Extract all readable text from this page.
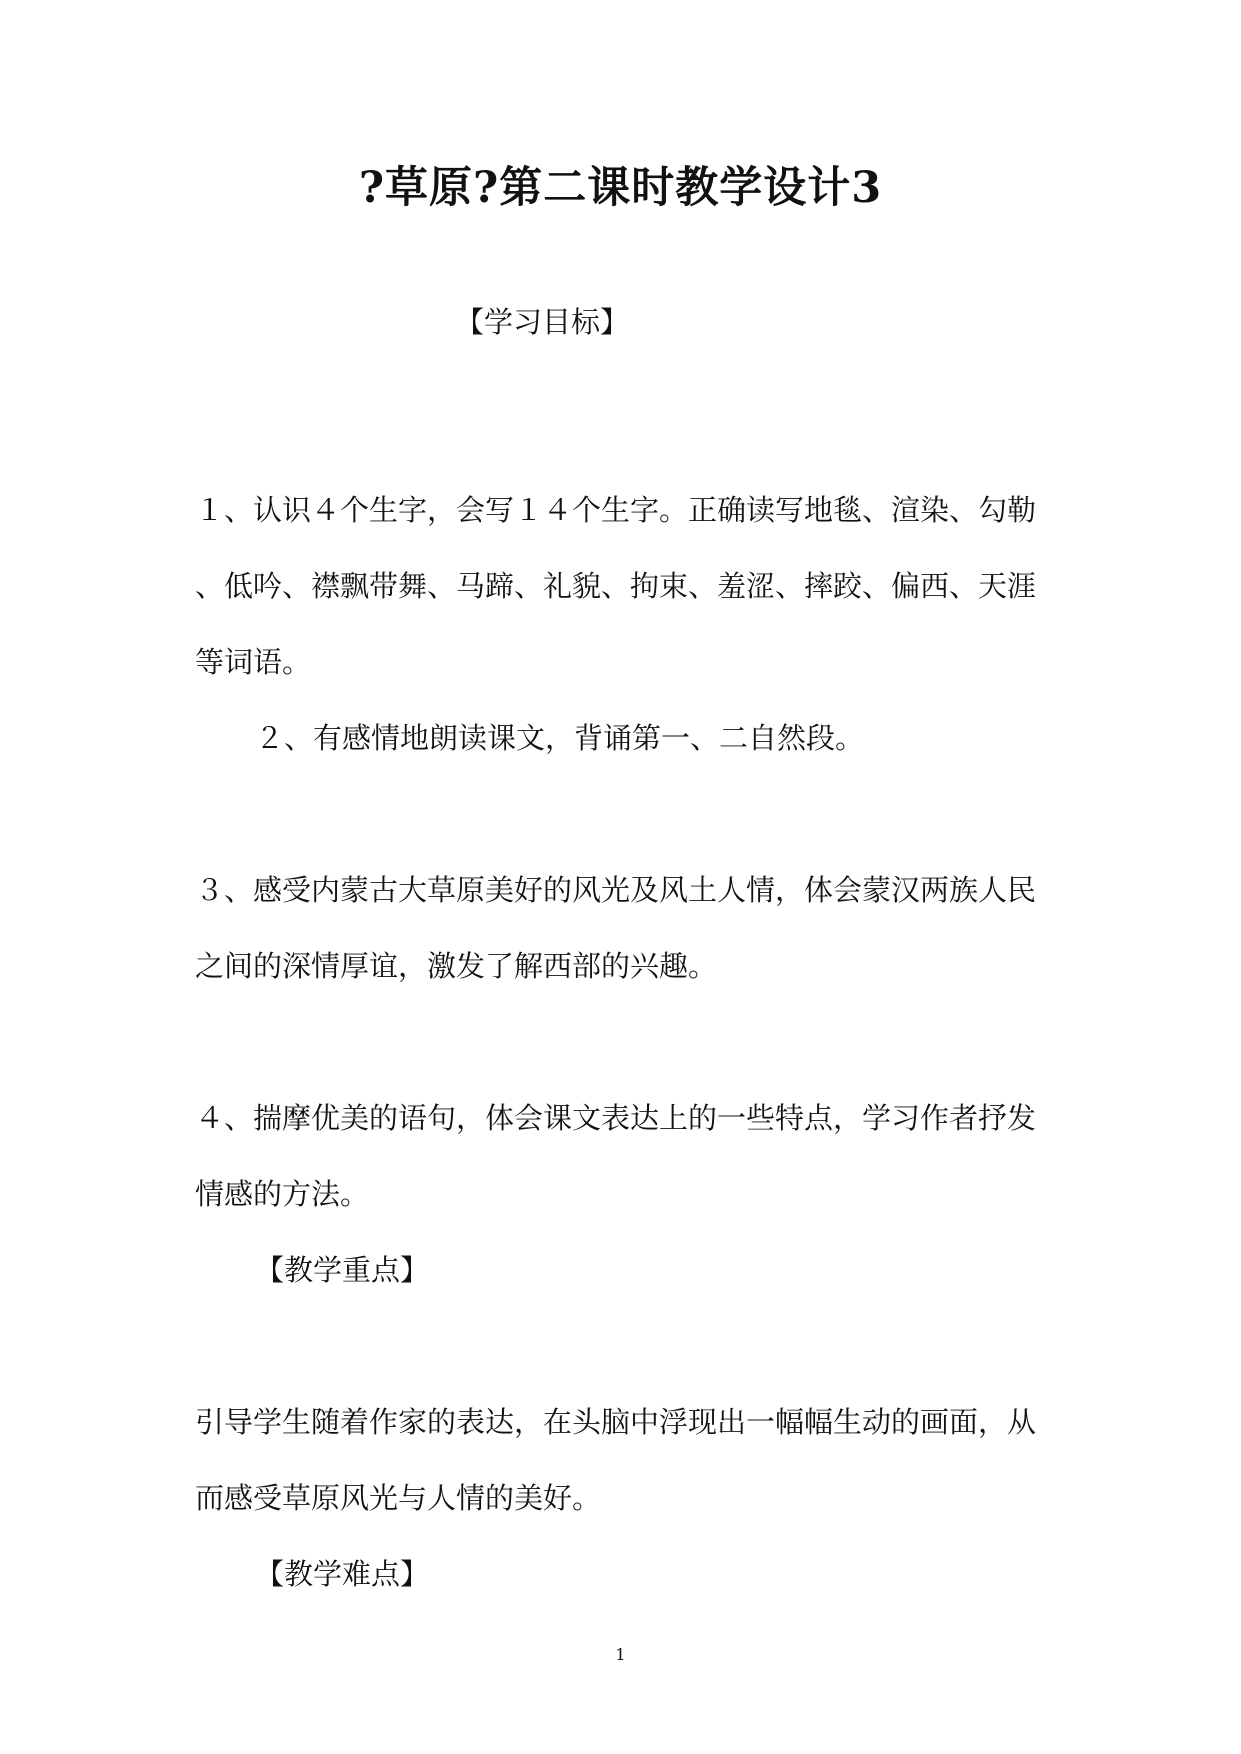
?草原?第二课时教学设计3
【学习目标】
１、认识４个生字，会写１４个生字。正确读写地毯、渲染、勾勒
、低吟、襟飘带舞、马蹄、礼貌、拘束、羞涩、摔跤、偏西、天涯
等词语。
２、有感情地朗读课文，背诵第一、二自然段。
３、感受内蒙古大草原美好的风光及风土人情，体会蒙汉两族人民
之间的深情厚谊，激发了解西部的兴趣。
４、揣摩优美的语句，体会课文表达上的一些特点，学习作者抒发
情感的方法。
【教学重点】
引导学生随着作家的表达，在头脑中浮现出一幅幅生动的画面，从
而感受草原风光与人情的美好。
【教学难点】
1
